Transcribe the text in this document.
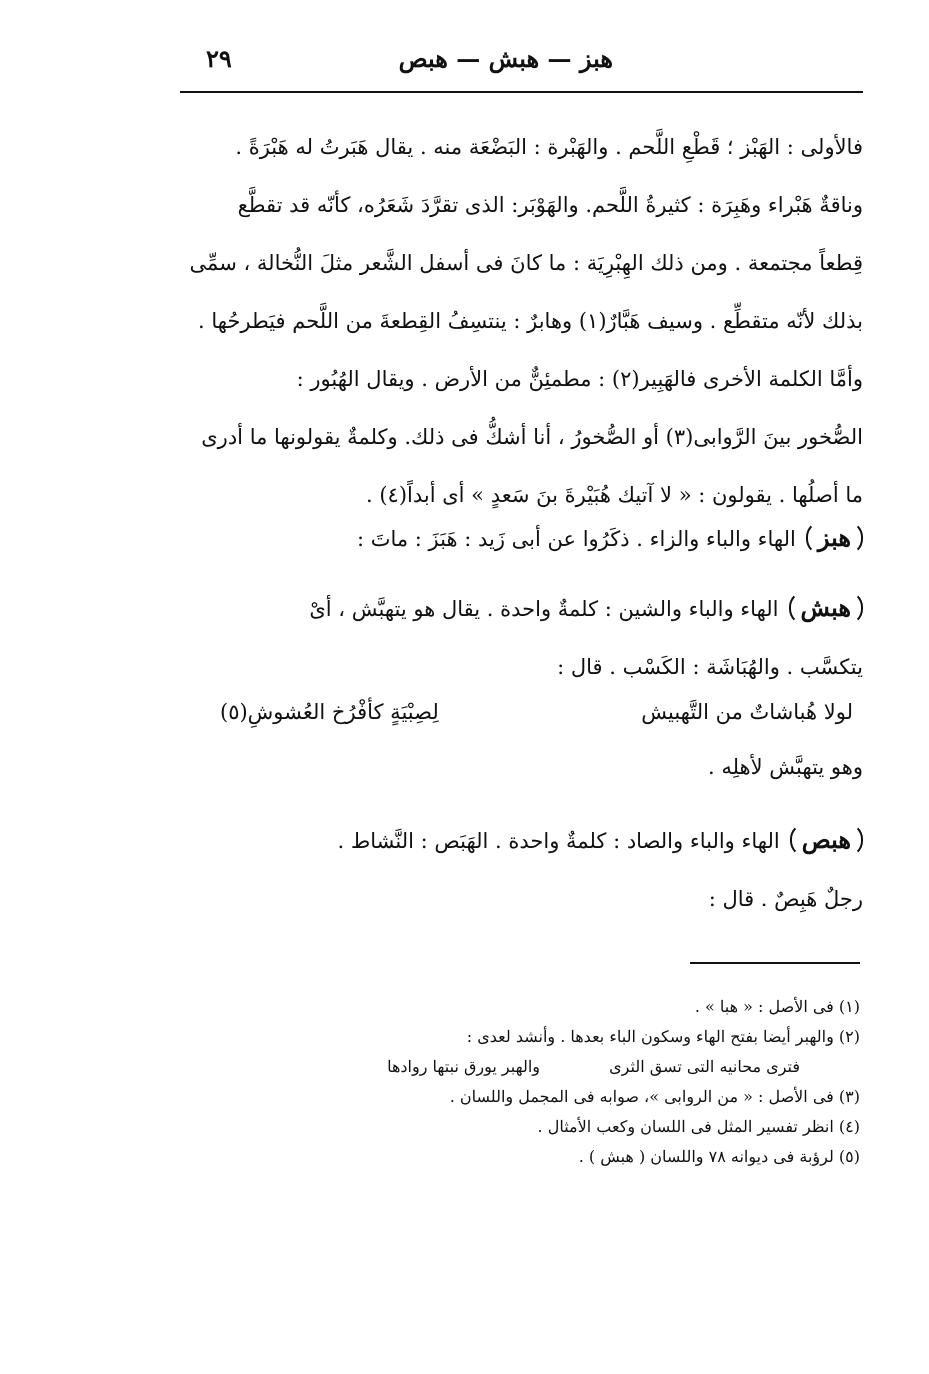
هبز — هبش — هبص
٢٩
فالأولى : الهَبْز ؛ قَطْعِ اللَّحم . والهَبْرة : البَضْعَة منه . يقال هَبَرتُ له هَبْرَةً .
وناقةٌ هَبْراء وهَبِرَة : كثيرةُ اللَّحم. والهَوْبَر: الذى تقرَّدَ شَعَرُه، كأنّه قد تقطَّع
قِطعاً مجتمعة . ومن ذلك الهِبْرِيَة : ما كانَ فى أسفل الشَّعر مثلَ النُّخالة ، سمِّى
بذلك لأنّه متقطِّع . وسيف هَبَّارٌ(١) وهابرٌ : ينتسِفُ القِطعةَ من اللَّحم فيَطرحُها .
وأمَّا الكلمة الأخرى فالهَبِير(٢) : مطمئِنٌّ من الأرض . ويقال الهُبُور :
الصُّخور بينَ الرَّوابى(٣) أو الصُّخورُ ، أنا أشكُّ فى ذلك. وكلمةٌ يقولونها ما أدرى
ما أصلُها . يقولون : « لا آتيك هُبَيْرةَ بنَ سَعدٍ » أى أبداً(٤) .
هبزالهاء والباء والزاء . ذكَرُوا عن أبى زَيد : هَبَزَ : ماتَ :
هبشالهاء والباء والشين : كلمةٌ واحدة . يقال هو يتهبَّش ، أىْ
يتكسَّب . والهُبَاشَة : الكَسْب . قال :
لولا هُباشاتٌ من التَّهبيش
لِصِبْيَةٍ كأفْرُخ العُشوشِ(٥)
وهو يتهبَّش لأهلِه .
هبصالهاء والباء والصاد : كلمةٌ واحدة . الهَبَص : النَّشاط .
رجلٌ هَبِصٌ . قال :
(١) فى الأصل : « هبا » .
(٢) والهبر أيضا بفتح الهاء وسكون الباء بعدها . وأنشد لعدى :
فترى محانيه التى تسق الثرى
والهبر يورق نبتها روادها
(٣) فى الأصل : « من الروابى »، صوابه فى المجمل واللسان .
(٤) انظر تفسير المثل فى اللسان وكعب الأمثال .
(٥) لرؤبة فى ديوانه ٧٨ واللسان ( هبش ) .
